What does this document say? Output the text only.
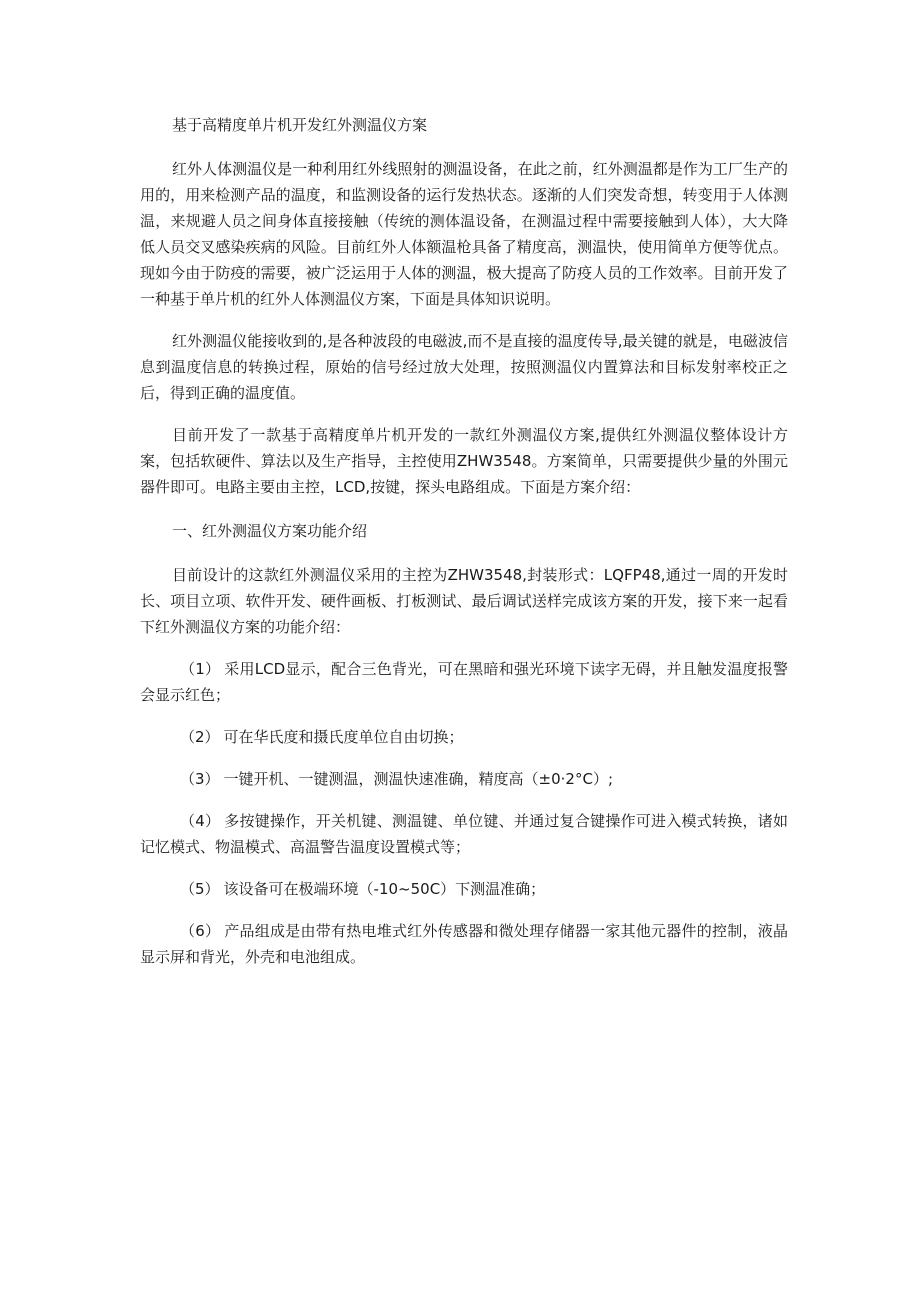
基于高精度单片机开发红外测温仪方案

红外人体测温仪是一种利用红外线照射的测温设备，在此之前，红外测温都是作为工厂生产的用的，用来检测产品的温度，和监测设备的运行发热状态。逐渐的人们突发奇想，转变用于人体测温，来规避人员之间身体直接接触（传统的测体温设备，在测温过程中需要接触到人体），大大降低人员交叉感染疾病的风险。目前红外人体额温枪具备了精度高，测温快，使用简单方便等优点。现如今由于防疫的需要，被广泛运用于人体的测温，极大提高了防疫人员的工作效率。目前开发了一种基于单片机的红外人体测温仪方案，下面是具体知识说明。

红外测温仪能接收到的,是各种波段的电磁波,而不是直接的温度传导,最关键的就是，电磁波信息到温度信息的转换过程，原始的信号经过放大处理，按照测温仪内置算法和目标发射率校正之后，得到正确的温度值。

目前开发了一款基于高精度单片机开发的一款红外测温仪方案,提供红外测温仪整体设计方案，包括软硬件、算法以及生产指导，主控使用ZHW3548。方案简单，只需要提供少量的外围元器件即可。电路主要由主控，LCD,按键，探头电路组成。下面是方案介绍：

一、红外测温仪方案功能介绍

目前设计的这款红外测温仪采用的主控为ZHW3548,封装形式：LQFP48,通过一周的开发时长、项目立项、软件开发、硬件画板、打板测试、最后调试送样完成该方案的开发，接下来一起看下红外测温仪方案的功能介绍：

（1） 采用LCD显示，配合三色背光，可在黑暗和强光环境下读字无碍，并且触发温度报警会显示红色；
（2） 可在华氏度和摄氏度单位自由切换；
（3） 一键开机、一键测温，测温快速准确，精度高（±0·2°C）;
（4） 多按键操作，开关机键、测温键、单位键、并通过复合键操作可进入模式转换，诸如记忆模式、物温模式、高温警告温度设置模式等；
（5） 该设备可在极端环境（-10~50C）下测温准确；
（6） 产品组成是由带有热电堆式红外传感器和微处理存储器一家其他元器件的控制，液晶显示屏和背光，外壳和电池组成。
